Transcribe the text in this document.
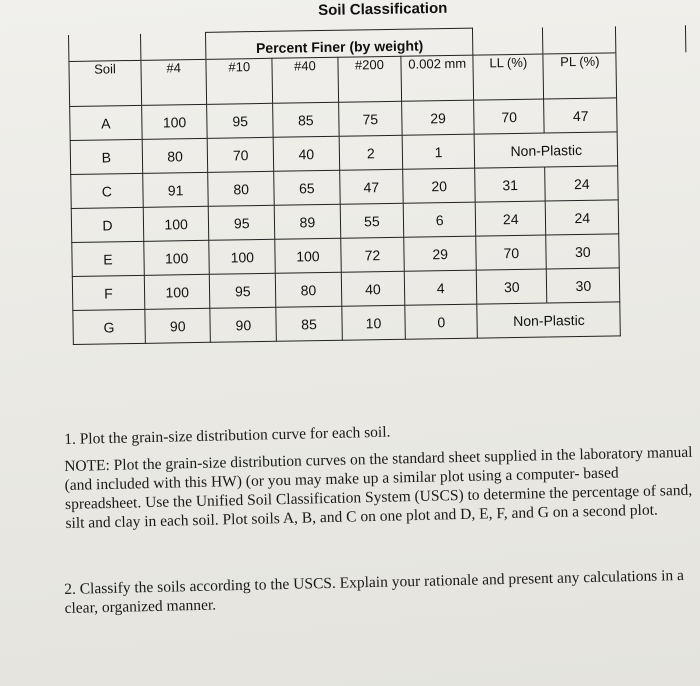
Soil Classification
		Percent Finer (by weight)						
Soil	#4	#10	#40	#200	0.002 mm	LL (%)	PL (%)	
A	100	95	85	75	29	70	47	
B	80	70	40	2	1	Non-Plastic		
C	91	80	65	47	20	31	24	
D	100	95	89	55	6	24	24	
E	100	100	100	72	29	70	30	
F	100	95	80	40	4	30	30	
G	90	90	85	10	0	Non-Plastic		

1. Plot the grain-size distribution curve for each soil.

NOTE: Plot the grain-size distribution curves on the standard sheet supplied in the laboratory manual (and included with this HW) (or you may make up a similar plot using a computer- based spreadsheet. Use the Unified Soil Classification System (USCS) to determine the percentage of sand, silt and clay in each soil. Plot soils A, B, and C on one plot and D, E, F, and G on a second plot.

2. Classify the soils according to the USCS. Explain your rationale and present any calculations in a clear, organized manner.
